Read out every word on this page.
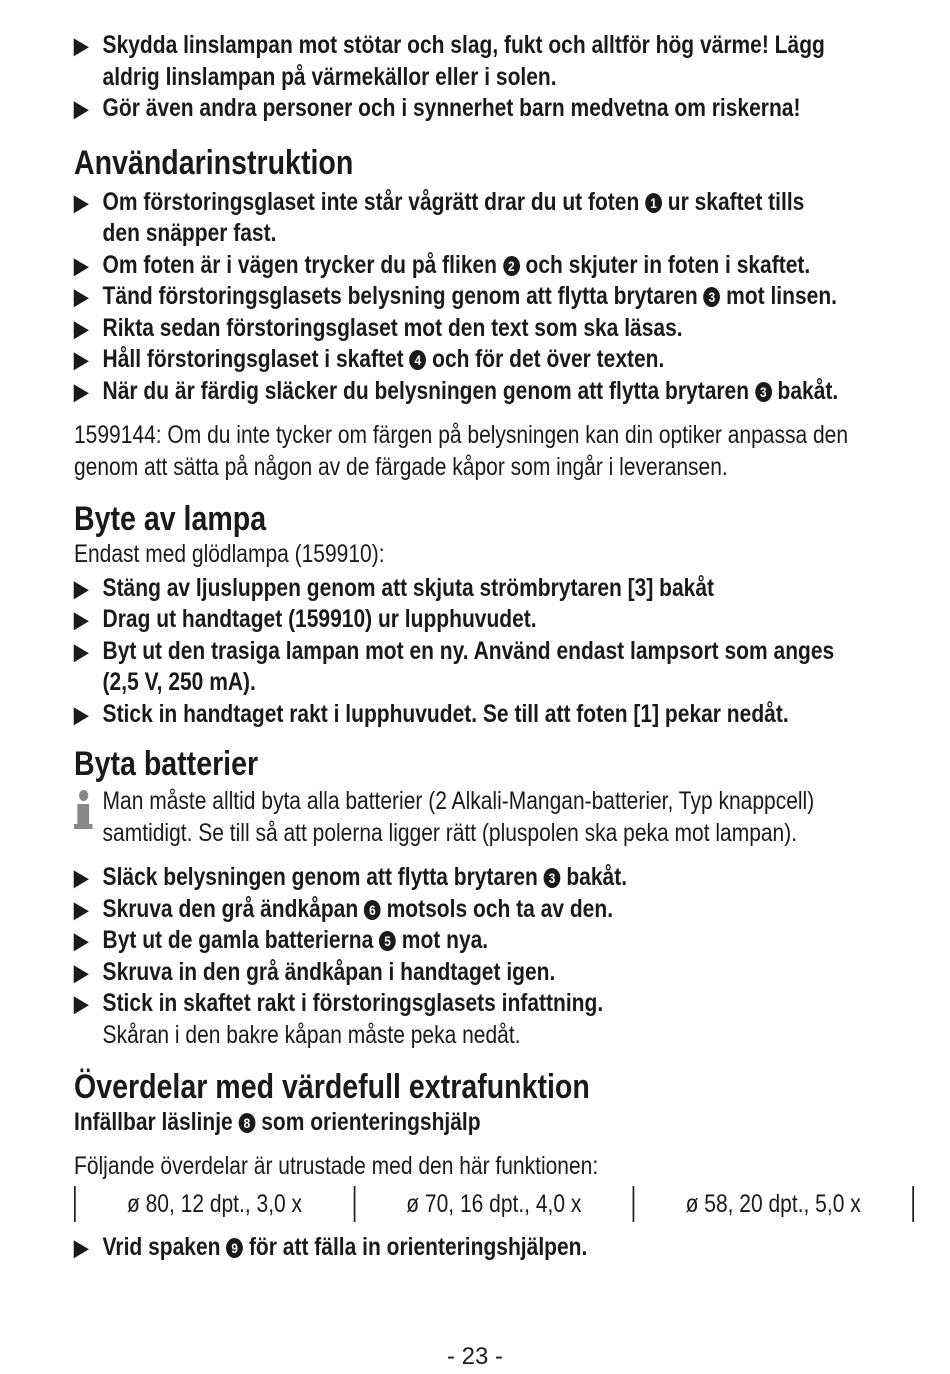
▶ Skydda linslampan mot stötar och slag, fukt och alltför hög värme! Lägg
aldrig linslampan på värmekällor eller i solen.
▶ Gör även andra personer och i synnerhet barn medvetna om riskerna!
Användarinstruktion
▶ Om förstoringsglaset inte står vågrätt drar du ut foten 1 ur skaftet tills
den snäpper fast.
▶ Om foten är i vägen trycker du på fliken 2 och skjuter in foten i skaftet.
▶ Tänd förstoringsglasets belysning genom att flytta brytaren 3 mot linsen.
▶ Rikta sedan förstoringsglaset mot den text som ska läsas.
▶ Håll förstoringsglaset i skaftet 4 och för det över texten.
▶ När du är färdig släcker du belysningen genom att flytta brytaren 3 bakåt.
1599144: Om du inte tycker om färgen på belysningen kan din optiker anpassa den
genom att sätta på någon av de färgade kåpor som ingår i leveransen.
Byte av lampa
Endast med glödlampa (159910):
▶ Stäng av ljusluppen genom att skjuta strömbrytaren [3] bakåt
▶ Drag ut handtaget (159910) ur lupphuvudet.
▶ Byt ut den trasiga lampan mot en ny. Använd endast lampsort som anges
(2,5 V, 250 mA).
▶ Stick in handtaget rakt i lupphuvudet. Se till att foten [1] pekar nedåt.
Byta batterier
Man måste alltid byta alla batterier (2 Alkali-Mangan-batterier, Typ knappcell)
samtidigt. Se till så att polerna ligger rätt (pluspolen ska peka mot lampan).
▶ Släck belysningen genom att flytta brytaren 3 bakåt.
▶ Skruva den grå ändkåpan 6 motsols och ta av den.
▶ Byt ut de gamla batterierna 5 mot nya.
▶ Skruva in den grå ändkåpan i handtaget igen.
▶ Stick in skaftet rakt i förstoringsglasets infattning.
Skåran i den bakre kåpan måste peka nedåt.
Överdelar med värdefull extrafunktion
Infällbar läslinje 8 som orienteringshjälp
Följande överdelar är utrustade med den här funktionen:
ø 80, 12 dpt., 3,0 x	ø 70, 16 dpt., 4,0 x	ø 58, 20 dpt., 5,0 x
▶ Vrid spaken 9 för att fälla in orienteringshjälpen.
- 23 -
